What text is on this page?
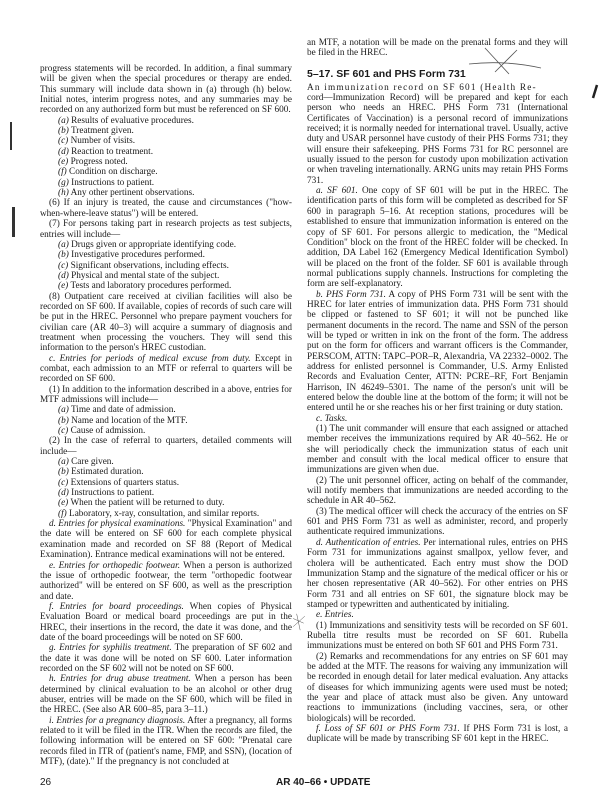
progress statements will be recorded. In addition, a final summary will be given when the special procedures or therapy are ended. This summary will include data shown in (a) through (h) below. Initial notes, interim progress notes, and any summaries may be recorded on any authorized form but must be referenced on SF 600.

(a) Results of evaluative procedures.

(b) Treatment given.

(c) Number of visits.

(d) Reaction to treatment.

(e) Progress noted.

(f) Condition on discharge.

(g) Instructions to patient.

(h) Any other pertinent observations.

(6) If an injury is treated, the cause and circumstances ("how-when-where-leave status") will be entered.

(7) For persons taking part in research projects as test subjects, entries will include—

(a) Drugs given or appropriate identifying code.

(b) Investigative procedures performed.

(c) Significant observations, including effects.

(d) Physical and mental state of the subject.

(e) Tests and laboratory procedures performed.

(8) Outpatient care received at civilian facilities will also be recorded on SF 600. If available, copies of records of such care will be put in the HREC. Personnel who prepare payment vouchers for civilian care (AR 40–3) will acquire a summary of diagnosis and treatment when processing the vouchers. They will send this information to the person's HREC custodian.

c. Entries for periods of medical excuse from duty. Except in combat, each admission to an MTF or referral to quarters will be recorded on SF 600.

(1) In addition to the information described in a above, entries for MTF admissions will include—

(a) Time and date of admission.

(b) Name and location of the MTF.

(c) Cause of admission.

(2) In the case of referral to quarters, detailed comments will include—

(a) Care given.

(b) Estimated duration.

(c) Extensions of quarters status.

(d) Instructions to patient.

(e) When the patient will be returned to duty.

(f) Laboratory, x-ray, consultation, and similar reports.

d. Entries for physical examinations. "Physical Examination" and the date will be entered on SF 600 for each complete physical examination made and recorded on SF 88 (Report of Medical Examination). Entrance medical examinations will not be entered.

e. Entries for orthopedic footwear. When a person is authorized the issue of orthopedic footwear, the term "orthopedic footwear authorized" will be entered on SF 600, as well as the prescription and date.

f. Entries for board proceedings. When copies of Physical Evaluation Board or medical board proceedings are put in the HREC, their insertions in the record, the date it was done, and the date of the board proceedings will be noted on SF 600.

g. Entries for syphilis treatment. The preparation of SF 602 and the date it was done will be noted on SF 600. Later information recorded on the SF 602 will not be noted on SF 600.

h. Entries for drug abuse treatment. When a person has been determined by clinical evaluation to be an alcohol or other drug abuser, entries will be made on the SF 600, which will be filed in the HREC. (See also AR 600–85, para 3–11.)

i. Entries for a pregnancy diagnosis. After a pregnancy, all forms related to it will be filed in the ITR. When the records are filed, the following information will be entered on SF 600: "Prenatal care records filed in ITR of (patient's name, FMP, and SSN), (location of MTF), (date)." If the pregnancy is not concluded at

an MTF, a notation will be made on the prenatal forms and they will be filed in the HREC.

5–17. SF 601 and PHS Form 731

An immunization record on SF 601 (Health Re-
cord—Immunization Record) will be prepared and kept for each person who needs an HREC. PHS Form 731 (International Certificates of Vaccination) is a personal record of immunizations received; it is normally needed for international travel. Usually, active duty and USAR personnel have custody of their PHS Forms 731; they will ensure their safekeeping. PHS Forms 731 for RC personnel are usually issued to the person for custody upon mobilization activation or when traveling internationally. ARNG units may retain PHS Forms 731.

a. SF 601. One copy of SF 601 will be put in the HREC. The identification parts of this form will be completed as described for SF 600 in paragraph 5–16. At reception stations, procedures will be established to ensure that immunization information is entered on the copy of SF 601. For persons allergic to medication, the "Medical Condition" block on the front of the HREC folder will be checked. In addition, DA Label 162 (Emergency Medical Identification Symbol) will be placed on the front of the folder. SF 601 is available through normal publications supply channels. Instructions for completing the form are self-explanatory.

b. PHS Form 731. A copy of PHS Form 731 will be sent with the HREC for later entries of immunization data. PHS Form 731 should be clipped or fastened to SF 601; it will not be punched like permanent documents in the record. The name and SSN of the person will be typed or written in ink on the front of the form. The address put on the form for officers and warrant officers is the Commander, PERSCOM, ATTN: TAPC–POR–R, Alexandria, VA 22332–0002. The address for enlisted personnel is Commander, U.S. Army Enlisted Records and Evaluation Center, ATTN: PCRE–RF, Fort Benjamin Harrison, IN 46249–5301. The name of the person's unit will be entered below the double line at the bottom of the form; it will not be entered until he or she reaches his or her first training or duty station.

c. Tasks.

(1) The unit commander will ensure that each assigned or attached member receives the immunizations required by AR 40–562. He or she will periodically check the immunization status of each unit member and consult with the local medical officer to ensure that immunizations are given when due.

(2) The unit personnel officer, acting on behalf of the commander, will notify members that immunizations are needed according to the schedule in AR 40–562.

(3) The medical officer will check the accuracy of the entries on SF 601 and PHS Form 731 as well as administer, record, and properly authenticate required immunizations.

d. Authentication of entries. Per international rules, entries on PHS Form 731 for immunizations against smallpox, yellow fever, and cholera will be authenticated. Each entry must show the DOD Immunization Stamp and the signature of the medical officer or his or her chosen representative (AR 40–562). For other entries on PHS Form 731 and all entries on SF 601, the signature block may be stamped or typewritten and authenticated by initialing.

e. Entries.

(1) Immunizations and sensitivity tests will be recorded on SF 601. Rubella titre results must be recorded on SF 601. Rubella immunizations must be entered on both SF 601 and PHS Form 731.

(2) Remarks and recommendations for any entries on SF 601 may be added at the MTF. The reasons for waiving any immunization will be recorded in enough detail for later medical evaluation. Any attacks of diseases for which immunizing agents were used must be noted; the year and place of attack must also be given. Any untoward reactions to immunizations (including vaccines, sera, or other biologicals) will be recorded.

f. Loss of SF 601 or PHS Form 731. If PHS Form 731 is lost, a duplicate will be made by transcribing SF 601 kept in the HREC.

26	AR 40–66 • UPDATE
